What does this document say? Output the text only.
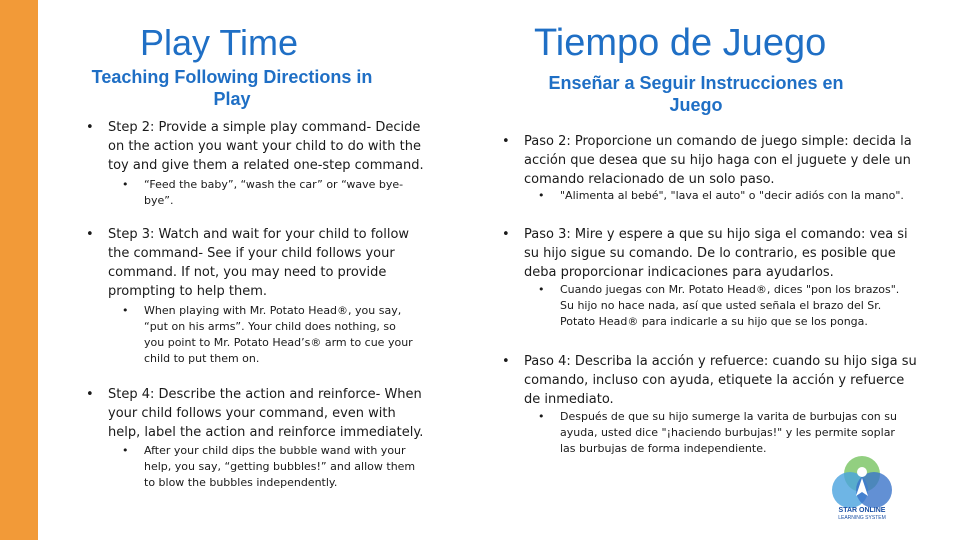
Play Time
Teaching Following Directions in
Play
• Step 2: Provide a simple play command- Decide
on the action you want your child to do with the
toy and give them a related one-step command.
• “Feed the baby”, “wash the car” or “wave bye-
bye”.
• Step 3: Watch and wait for your child to follow
the command- See if your child follows your
command. If not, you may need to provide
prompting to help them.
• When playing with Mr. Potato Head®, you say,
“put on his arms”. Your child does nothing, so
you point to Mr. Potato Head’s® arm to cue your
child to put them on.
• Step 4: Describe the action and reinforce- When
your child follows your command, even with
help, label the action and reinforce immediately.
• After your child dips the bubble wand with your
help, you say, “getting bubbles!” and allow them
to blow the bubbles independently.
Tiempo de Juego
Enseñar a Seguir Instrucciones en
Juego
• Paso 2: Proporcione un comando de juego simple: decida la
acción que desea que su hijo haga con el juguete y dele un
comando relacionado de un solo paso.
• "Alimenta al bebé", "lava el auto" o "decir adiós con la mano".
• Paso 3: Mire y espere a que su hijo siga el comando: vea si
su hijo sigue su comando. De lo contrario, es posible que
deba proporcionar indicaciones para ayudarlos.
• Cuando juegas con Mr. Potato Head®, dices "pon los brazos".
Su hijo no hace nada, así que usted señala el brazo del Sr.
Potato Head® para indicarle a su hijo que se los ponga.
• Paso 4: Describa la acción y refuerce: cuando su hijo siga su
comando, incluso con ayuda, etiquete la acción y refuerce
de inmediato.
• Después de que su hijo sumerge la varita de burbujas con su
ayuda, usted dice "¡haciendo burbujas!" y les permite soplar
las burbujas de forma independiente.
STAR ONLINE
LEARNING SYSTEM
